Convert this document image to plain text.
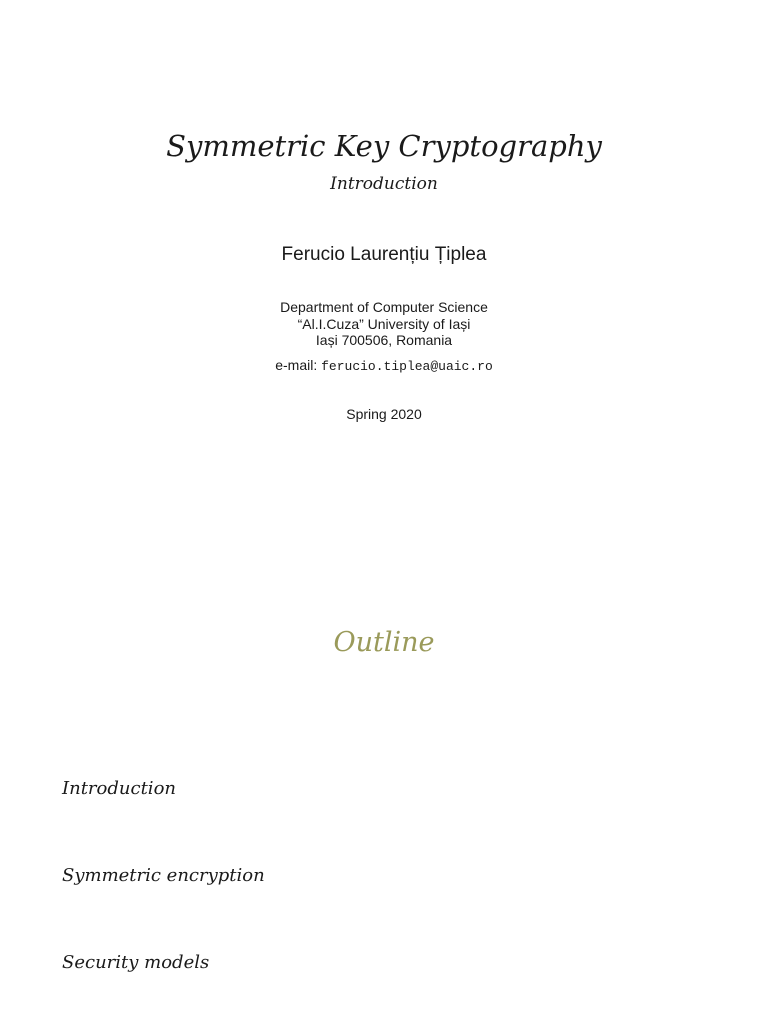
Symmetric Key Cryptography
Introduction
Ferucio Laurențiu Țiplea
Department of Computer Science
“Al.I.Cuza” University of Iași
Iași 700506, Romania
e-mail: ferucio.tiplea@uaic.ro
Spring 2020
Outline
Introduction
Symmetric encryption
Security models
